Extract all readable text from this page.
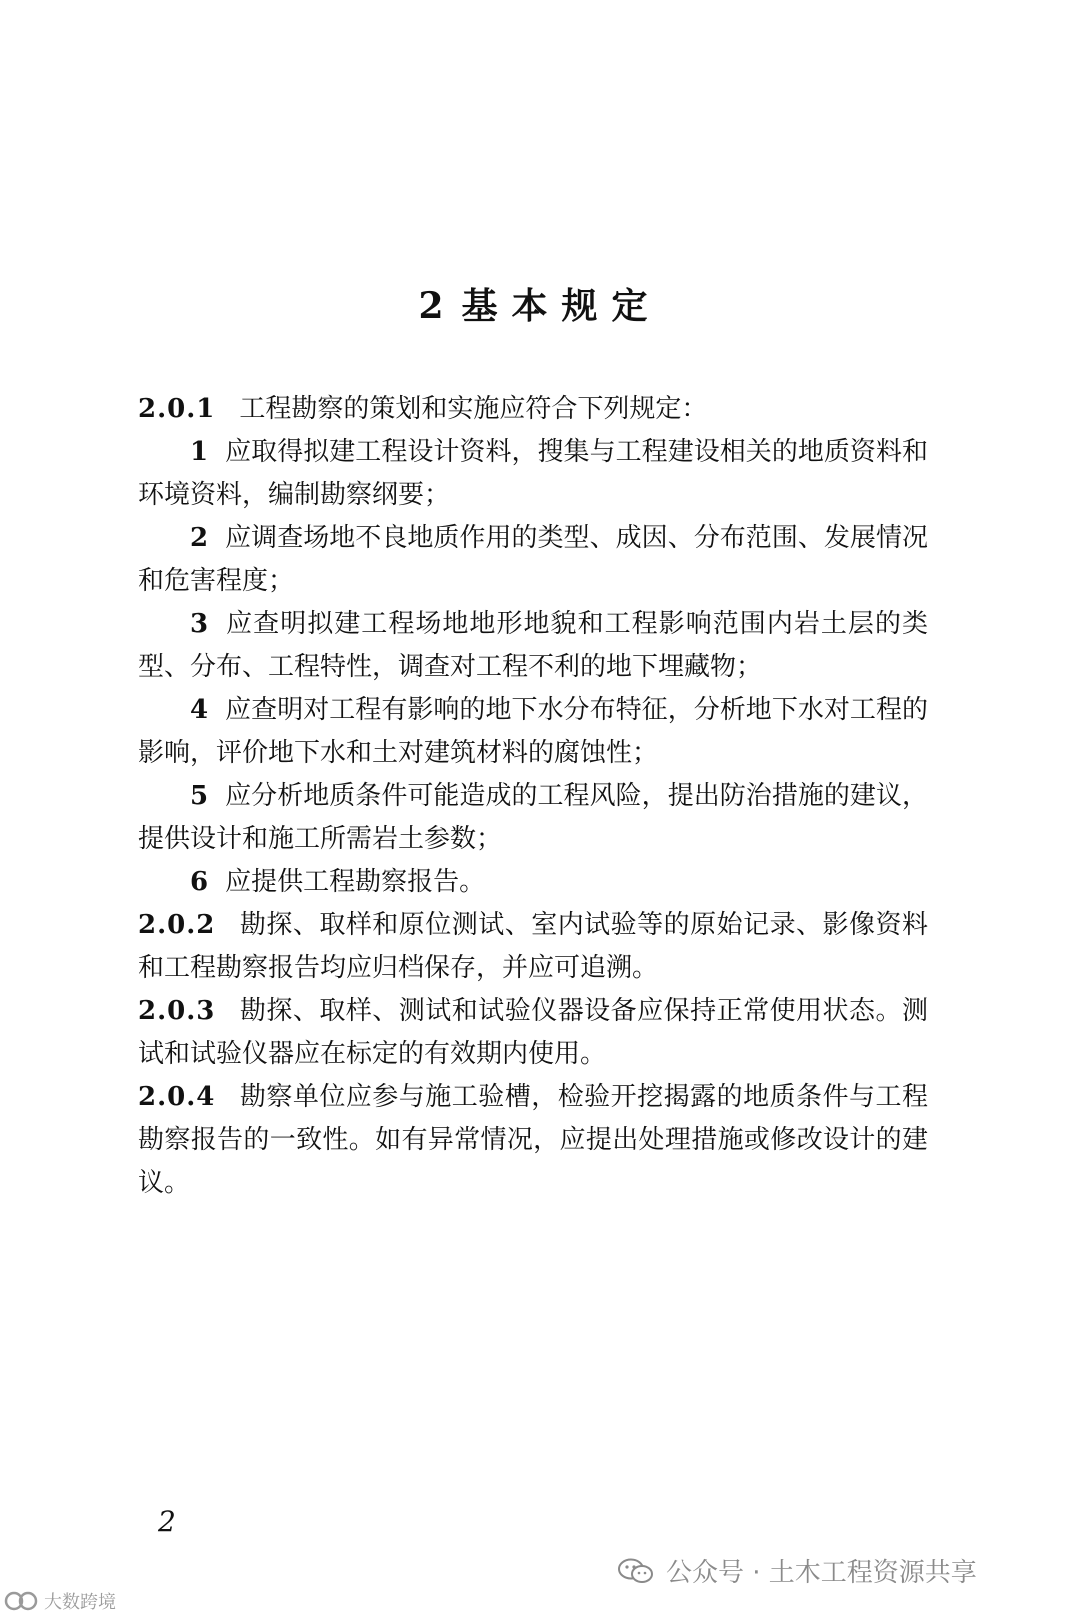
2 基本规定

2.0.1 工程勘察的策划和实施应符合下列规定：

1 应取得拟建工程设计资料，搜集与工程建设相关的地质资料和环境资料，编制勘察纲要；

2 应调查场地不良地质作用的类型、成因、分布范围、发展情况和危害程度；

3 应查明拟建工程场地地形地貌和工程影响范围内岩土层的类型、分布、工程特性，调查对工程不利的地下埋藏物；

4 应查明对工程有影响的地下水分布特征，分析地下水对工程的影响，评价地下水和土对建筑材料的腐蚀性；

5 应分析地质条件可能造成的工程风险，提出防治措施的建议，提供设计和施工所需岩土参数；

6 应提供工程勘察报告。

2.0.2 勘探、取样和原位测试、室内试验等的原始记录、影像资料和工程勘察报告均应归档保存，并应可追溯。

2.0.3 勘探、取样、测试和试验仪器设备应保持正常使用状态。测试和试验仪器应在标定的有效期内使用。

2.0.4 勘察单位应参与施工验槽，检验开挖揭露的地质条件与工程勘察报告的一致性。如有异常情况，应提出处理措施或修改设计的建议。

2
公众号 · 土木工程资源共享
大数跨境
